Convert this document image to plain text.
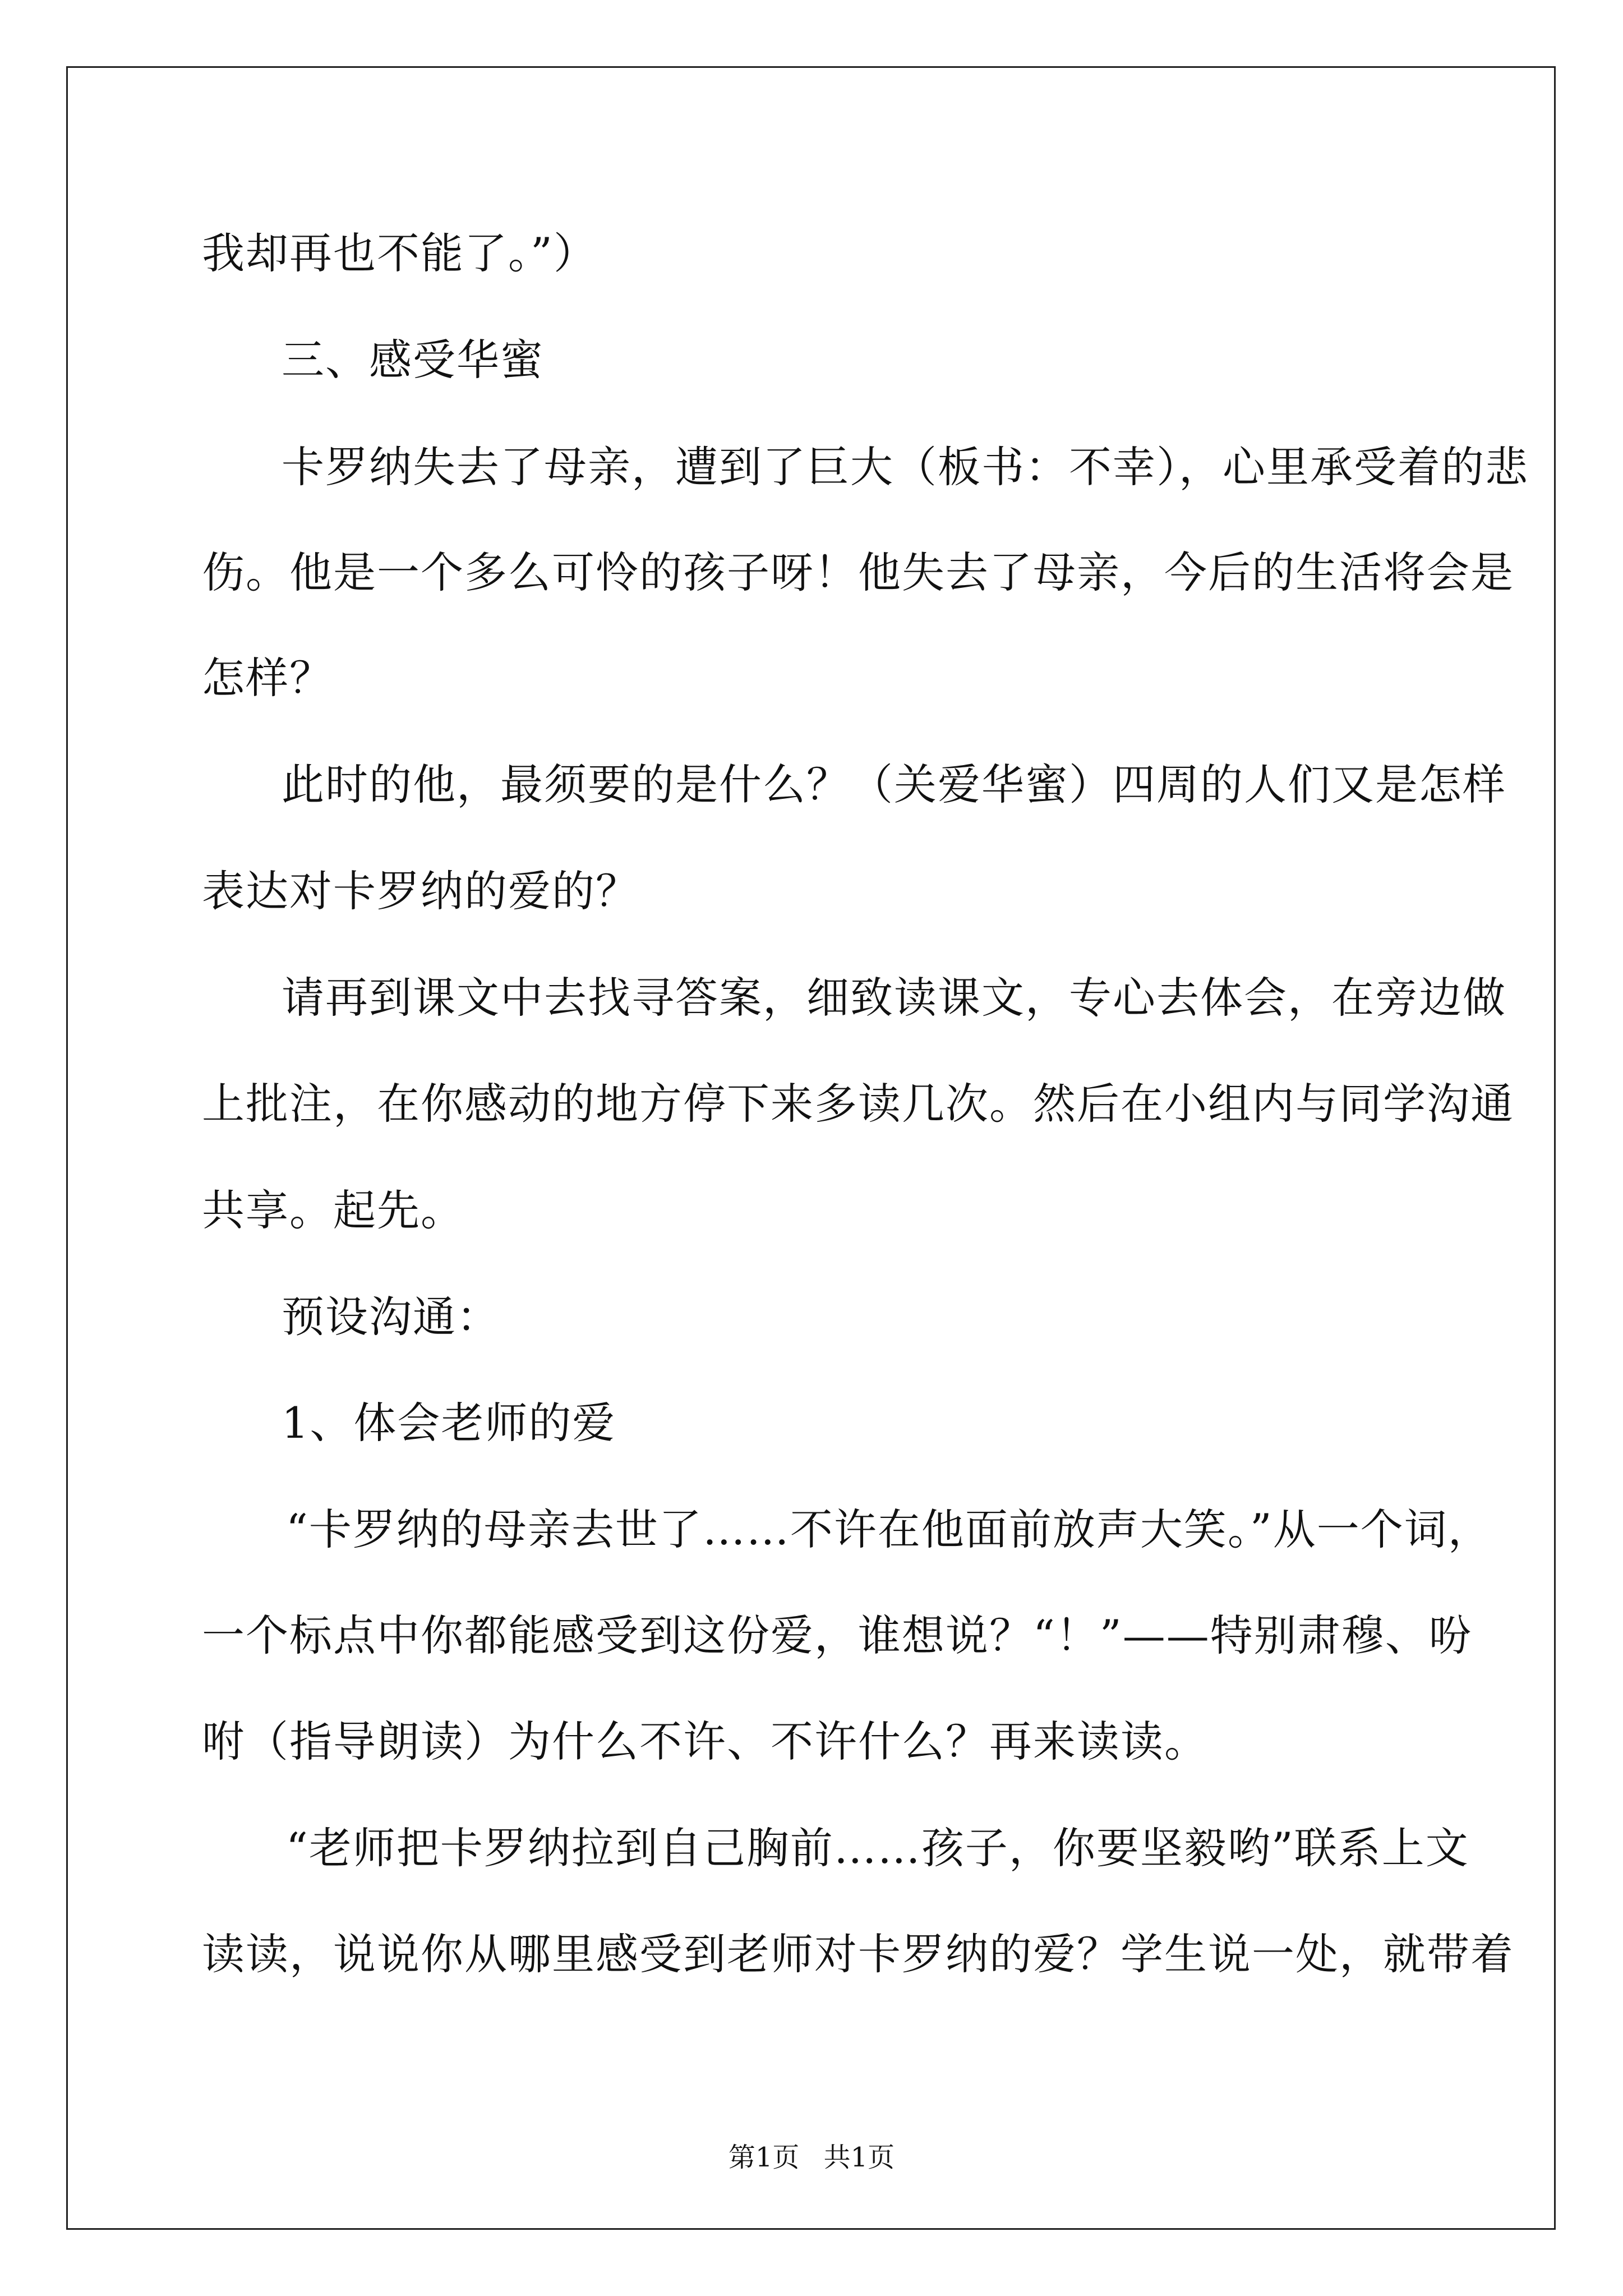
我却再也不能了。”）

三、感受华蜜

卡罗纳失去了母亲，遭到了巨大（板书：不幸），心里承受着的悲

伤。他是一个多么可怜的孩子呀！他失去了母亲，今后的生活将会是

怎样？

此时的他，最须要的是什么？（关爱华蜜）四周的人们又是怎样

表达对卡罗纳的爱的？

请再到课文中去找寻答案，细致读课文，专心去体会，在旁边做

上批注，在你感动的地方停下来多读几次。然后在小组内与同学沟通

共享。起先。

预设沟通：

1、体会老师的爱

“卡罗纳的母亲去世了……不许在他面前放声大笑。”从一个词，

一个标点中你都能感受到这份爱，谁想说？“！”——特别肃穆、吩

咐（指导朗读）为什么不许、不许什么？再来读读。

“老师把卡罗纳拉到自己胸前……孩子，你要坚毅哟”联系上文

读读，说说你从哪里感受到老师对卡罗纳的爱？学生说一处，就带着

第1页 共1页
